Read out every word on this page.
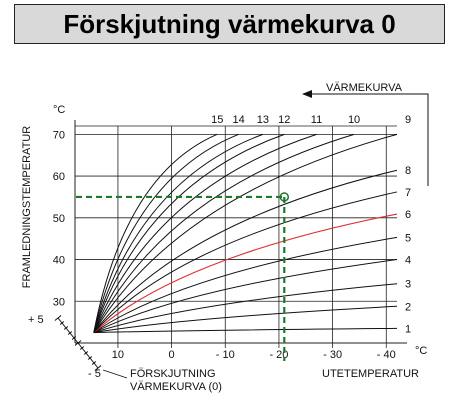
Förskjutning värmekurva 0
30
40
50
60
70
10	0	- 10	- 20	- 30	- 40
1
2
3
4
5
6
7
8
9
10
11
12
13
14
15
FRAMLEDNINGSTEMPERATUR
°C
°C
UTETEMPERATUR
VÄRMEKURVA
FÖRSKJUTNING
VÄRMEKURVA (0)
+ 5
- 5
